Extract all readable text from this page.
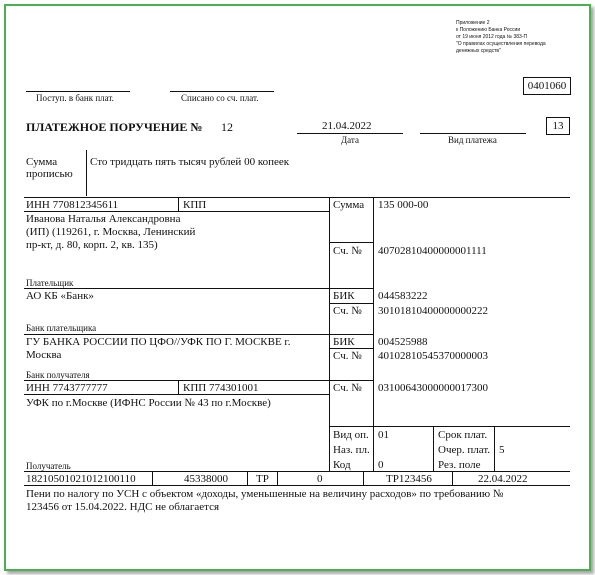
Приложение 2
к Положению Банка России
от 19 июня 2012 года № 383-П
"О правилах осуществления перевода
денежных средств"
0401060
Поступ. в банк плат.	Списано со сч. плат.
ПЛАТЕЖНОЕ ПОРУЧЕНИЕ № 12	21.04.2022
Дата	Вид платежа
13
Сумма
прописью
Сто тридцать пять тысяч рублей 00 копеек
ИНН 770812345611	КПП
Иванова Наталья Александровна
(ИП) (119261, г. Москва, Ленинский
пр-кт, д. 80, корп. 2, кв. 135)
Плательщик
Сумма 135 000-00
Сч. № 40702810400000001111
АО КБ «Банк»
Банк плательщика
БИК 044583222
Сч. № 30101810400000000222
ГУ БАНКА РОССИИ ПО ЦФО//УФК ПО Г. МОСКВЕ г.
Москва
Банк получателя
БИК 004525988
Сч. № 40102810545370000003
ИНН 7743777777	КПП 774301001
УФК по г.Москве (ИФНС России № 43 по г.Москве)
Получатель
Сч. № 03100643000000017300
Вид оп. 01
Наз. пл.
Код 0
Срок плат.
Очер. плат. 5
Рез. поле
18210501021012100110	45338000	ТР	0	ТР123456	22.04.2022
Пени по налогу по УСН с объектом «доходы, уменьшенные на величину расходов» по требованию №
123456 от 15.04.2022. НДС не облагается
